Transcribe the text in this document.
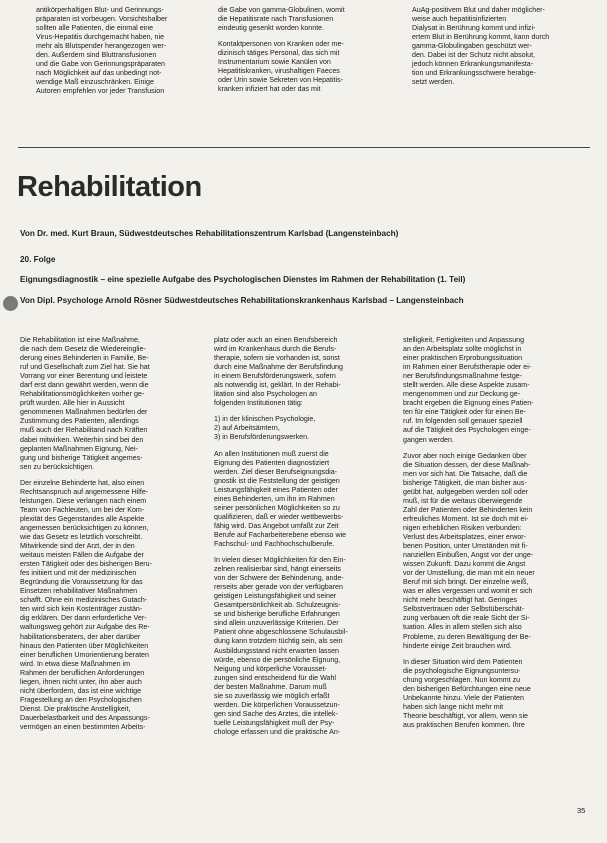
antikörperhaltigen Blut- und Gerinnungs-

präparaten ist vorbeugen. Vorsichtshalber

sollten alle Patienten, die einmal eine

Virus-Hepatitis durchgemacht haben, nie

mehr als Blutspender herangezogen wer-

den. Außerdem sind Bluttransfusionen

und die Gabe von Gerinnungspräparaten

nach Möglichkeit auf das unbedingt not-

wendige Maß einzuschränken. Einige

Autoren empfehlen vor jeder Transfusion

die Gabe von gamma-Globulinen, womit

die Hepatitisrate nach Transfusionen

eindeutig gesenkt worden konnte.

Kontaktpersonen von Kranken oder me-

dizinisch tätiges Personal, das sich mit

Instrumentarium sowie Kanülen von

Hepatitiskranken, virushaltigen Faeces

oder Urin sowie Sekreten von Hepatitis-

kranken infiziert hat oder das mit

AuAg-positivem Blut und daher möglicher-

weise auch hepatitisinfizierten

Dialysat in Berührung kommt und infizi-

ertem Blut in Berührung kommt, kann durch

gamma-Globulingaben geschützt wer-

den. Dabei ist der Schutz nicht absolut,

jedoch können Erkrankungsmanifesta-

tion und Erkrankungsschwere herabge-

setzt werden.

Rehabilitation
Von Dr. med. Kurt Braun, Südwestdeutsches Rehabilitationszentrum Karlsbad (Langensteinbach)
20. Folge
Eignungsdiagnostik – eine spezielle Aufgabe des Psychologischen Dienstes im Rahmen der Rehabilitation (1. Teil)
Von Dipl. Psychologe Arnold Rösner Südwestdeutsches Rehabilitationskrankenhaus Karlsbad – Langensteinbach

Die Rehabilitation ist eine Maßnahme,

die nach dem Gesetz die Wiedereinglie-

derung eines Behinderten in Familie, Be-

ruf und Gesellschaft zum Ziel hat. Sie hat

Vorrang vor einer Berentung und leistete

darf erst dann gewährt werden, wenn die

Rehabilitationsmöglichkeiten vorher ge-

prüft wurden. Alle hier in Aussicht

genommenen Maßnahmen bedürfen der

Zustimmung des Patienten, allerdings

muß auch der Rehabilitand nach Kräften

dabei mitwirken. Weiterhin sind bei den

geplanten Maßnahmen Eignung, Nei-

gung und bisherige Tätigkeit angemes-

sen zu berücksichtigen.

Der einzelne Behinderte hat, also einen

Rechtsanspruch auf angemessene Hilfe-

leistungen. Diese verlangen nach einem

Team von Fachleuten, um bei der Kom-

plexität des Gegenstandes alle Aspekte

angemessen berücksichtigen zu können,

wie das Gesetz es letztlich vorschreibt.

Mitwirkende sind der Arzt, der in den

weitaus meisten Fällen die Aufgabe der

ersten Tätigkeit oder des bisherigen Beru-

fes initiiert und mit der medizinischen

Begründung die Voraussetzung für das

Einsetzen rehabilitativer Maßnahmen

schafft. Ohne ein medizinisches Gutach-

ten wird sich kein Kostenträger zustän-

dig erklären. Der dann erforderliche Ver-

waltungsweg gehört zur Aufgabe des Re-

habilitationsberaters, der aber darüber

hinaus den Patienten über Möglichkeiten

einer beruflichen Umorientierung beraten

wird. In etwa diese Maßnahmen im

Rahmen der beruflichen Anforderungen

liegen, ihnen nicht unter, ihn aber auch

nicht überfordern, das ist eine wichtige

Fragestellung an den Psychologischen

Dienst. Die praktische Anstelligkeit,

Dauerbelastbarkeit und des Anpassungs-

vermögen an einen bestimmten Arbeits-

platz oder auch an einen Berufsbereich

wird im Krankenhaus durch die Berufs-

therapie, sofern sie vorhanden ist, sonst

durch eine Maßnahme der Berufsfindung

in einem Berufsförderungswerk, sofern

als notwendig ist, geklärt. In der Rehabi-

litation sind also Psychologen an

folgenden Institutionen tätig:

1) in der klinischen Psychologie,

2) auf Arbeitsämtern,

3) in Berufsförderungswerken.

An allen Institutionen muß zuerst die

Eignung des Patienten diagnostiziert

werden. Ziel dieser Berufseignungsdia-

gnostik ist die Feststellung der geistigen

Leistungsfähigkeit eines Patienten oder

eines Behinderten, um ihn im Rahmen

seiner persönlichen Möglichkeiten so zu

qualifizieren, daß er wieder wettbewerbs-

fähig wird. Das Angebot umfaßt zur Zeit

Berufe auf Facharbeiterebene ebenso wie

Fachschul- und Fachhochschulberufe.

In vielen dieser Möglichkeiten für den Ein-

zelnen realisierbar sind, hängt einerseits

von der Schwere der Behinderung, ande-

rerseits aber gerade von der verfügbaren

geistigen Leistungsfähigkeit und seiner

Gesamtpersönlichkeit ab. Schulzeugnis-

se und bisherige berufliche Erfahrungen

sind allein unzuverlässige Kriterien. Der

Patient ohne abgeschlossene Schulausbil-

dung kann trotzdem tüchtig sein, als sein

Ausbildungsstand nicht erwarten lassen

würde, ebenso die persönliche Eignung,

Neigung und körperliche Vorausset-

zungen sind entscheidend für die Wahl

der besten Maßnahme. Darum muß

sie so zuverlässig wie möglich erfaßt

werden. Die körperlichen Voraussetzun-

gen sind Sache des Arztes, die intellek-

tuelle Leistungsfähigkeit muß der Psy-

chologe erfassen und die praktische An-

stelligkeit, Fertigkeiten und Anpassung

an den Arbeitsplatz sollte möglichst in

einer praktischen Erprobungssituation

im Rahmen einer Berufstherapie oder ei-

ner Berufsfindungsmaßnahme festge-

stellt werden. Alle diese Aspekte zusam-

mengenommen und zur Deckung ge-

bracht ergeben die Eignung eines Patien-

ten für eine Tätigkeit oder für einen Be-

ruf. Im folgenden soll genauer speziell

auf die Tätigkeit des Psychologen einge-

gangen werden.

Zuvor aber noch einige Gedanken über

die Situation dessen, der diese Maßnah-

men vor sich hat. Die Tatsache, daß die

bisherige Tätigkeit, die man bisher aus-

geübt hat, aufgegeben werden soll oder

muß, ist für die weitaus überwiegende

Zahl der Patienten oder Behinderten kein

erfreuliches Moment. Ist sie doch mit ei-

nigen erheblichen Risiken verbunden:

Verlust des Arbeitsplatzes, einer erwor-

benen Position, unter Umständen mit fi-

nanziellen Einbußen, Angst vor der unge-

wissen Zukunft. Dazu kommt die Angst

vor der Umstellung, die man mit ein neuer

Beruf mit sich bringt. Der einzelne weiß,

was er alles vergessen und womit er sich

nicht mehr beschäftigt hat. Geringes

Selbstvertrauen oder Selbstüberschät-

zung verbauen oft die reale Sicht der Si-

tuation. Alles in allem stellen sich also

Probleme, zu deren Bewältigung der Be-

hinderte einige Zeit brauchen wird.

In dieser Situation wird dem Patienten

die psychologische Eignungsuntersu-

chung vorgeschlagen. Nun kommt zu

den bisherigen Befürchtungen eine neue

Unbekannte hinzu. Viele der Patienten

haben sich lange nicht mehr mit

Theorie beschäftigt, vor allem, wenn sie

aus praktischen Berufen kommen. Ihre

35
